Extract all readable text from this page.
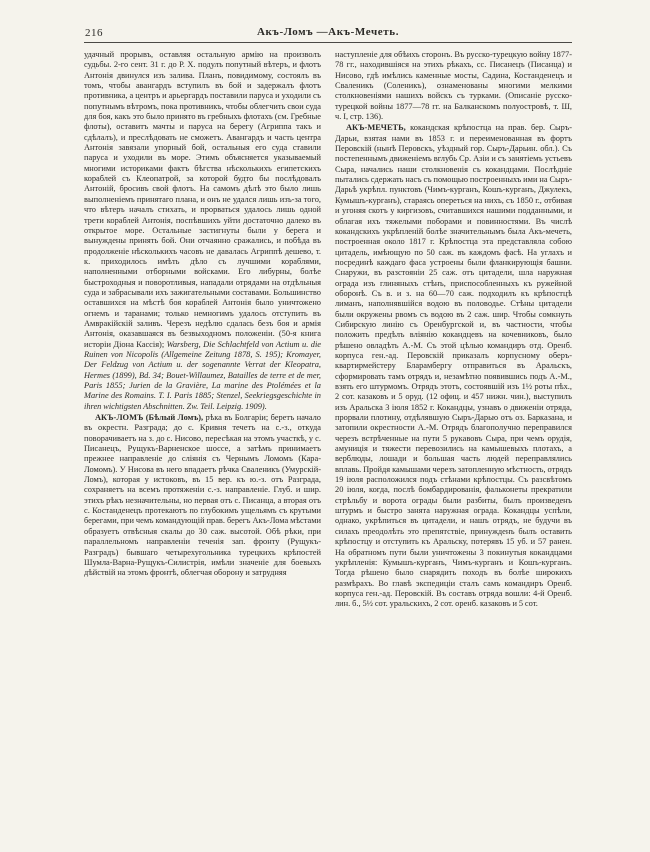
216	Акъ-Ломъ —Акъ-Мечеть.

удачный прорывъ, оставляя остальную армію на произволъ судьбы. 2-го сент. 31 г. до Р. X. подулъ попутный вѣтеръ, и флотъ Антонія двинулся изъ залива. Планъ, повидимому, состоялъ въ томъ, чтобы авангардъ вступилъ въ бой и задержалъ флотъ противника, а центръ и арьергардъ поставили паруса и уходили съ попутнымъ вѣтромъ, пока противникъ, чтобы облегчить свои суда для боя, какъ это было принято въ гребныхъ флотахъ (см. Гребные флоты), оставитъ мачты и паруса на берегу (Агриппа такъ и сдѣлалъ), и преслѣдовать не сможетъ. Авангардъ и часть центра Антонія завязали упорный бой, остальныя его суда ставили паруса и уходили въ море. Этимъ объясняется указываемый многими историками фактъ бѣгства нѣсколькихъ египетскихъ кораблей съ Клеопатрой, за которой будто бы послѣдовалъ Антоній, бросивъ свой флотъ. На самомъ дѣлѣ это было лишь выполненіемъ принятаго плана, и онъ не удался лишь изъ-за того, что вѣтеръ началъ стихать, и прорваться удалось лишь одной трети кораблей Антонія, поспѣвшихъ уйти достаточно далеко въ открытое море. Остальные застигнуты были у берега и вынуждены принять бой. Они отчаянно сражались, и побѣда въ продолженіе нѣсколькихъ часовъ не давалась Агриппѣ дешево, т. к. приходилось имѣть дѣло съ лучшими кораблями, наполненными отборными войсками. Его либурны, болѣе быстроходныя и поворотливыя, нападали отрядами на отдѣльныя суда и забрасывали ихъ зажигательными составами. Большинство оставшихся на мѣстѣ боя кораблей Антонія было уничтожено огнемъ и таранами; только немногимъ удалось отступить въ Амвракійскій заливъ. Черезъ недѣлю сдалась безъ боя и армія Антонія, оказавшаяся въ безвыходномъ положеніи. (50-я книга исторіи Діона Кассія); Warsberg, Die Schlachtfeld von Actium u. die Ruinen von Nicopolis (Allgemeine Zeitung 1878, S. 195); Kromayer, Der Feldzug von Actium u. der sogenannte Verrat der Kleopatra, Hermes (1899), Bd. 34; Bouet-Willaumez, Batailles de terre et de mer, Paris 1855; Jurien de la Gravière, La marine des Ptolémées et la Marine des Romains. T. I. Paris 1885; Stenzel, Seekriegsgeschichte in ihren wichtigsten Abschnitten. Zw. Teil. Leipzig. 1909).

АКЪ-ЛОМЪ (Бѣлый Ломъ), рѣка въ Болгаріи; беретъ начало въ окрестн. Разграда; до с. Кривня течетъ на с.-з., откуда поворачиваетъ на з. до с. Нисово, пересѣкая на этомъ участкѣ, у с. Писанецъ, Рущукъ-Варненское шоссе, а затѣмъ принимаетъ прежнее направленіе до сліянія съ Чернымъ Ломомъ (Кара-Ломомъ). У Нисова въ него впадаетъ рѣчка Сваленикъ (Умурскій-Ломъ), которая у истоковъ, въ 15 вер. къ ю.-з. отъ Разграда, сохраняетъ на всемъ протяженіи с.-з. направленіе. Глуб. и шир. этихъ рѣкъ незначительны, но первая отъ с. Писанца, а вторая отъ с. Костанденецъ протекаютъ по глубокимъ ущельямъ съ крутыми берегами, при чемъ командующій прав. берегъ Акъ-Лома мѣстами образуетъ отвѣсныя скалы до 30 саж. высотой. Обѣ рѣки, при параллельномъ направленіи теченія зап. фронту (Рущукъ-Разградъ) бывшаго четырехугольника турецкихъ крѣпостей Шумла-Варна-Рущукъ-Силистрія, имѣли значеніе для боевыхъ дѣйствій на этомъ фронтѣ, облегчая оборону и затрудняя

наступленіе для обѣихъ сторонъ. Въ русско-турецкую войну 1877-78 гг., находившіяся на этихъ рѣкахъ, сс. Писанецъ (Писанца) и Нисово, гдѣ имѣлись каменные мосты, Садина, Костанденецъ и Сваленикъ (Соленикъ), ознаменованы многими мелкими столкновеніями нашихъ войскъ съ турками. (Описаніе русско-турецкой войны 1877—78 гг. на Балканскомъ полуостровѣ, т. Ш, ч. I, стр. 136).

АКЪ-МЕЧЕТЬ, кокандская крѣпостца на прав. бер. Сыръ-Дарьи, взятая нами въ 1853 г. и переименованная въ фортъ Перовскій (нынѣ Перовскъ, уѣздный гор. Сыръ-Дарьин. обл.). Съ постепеннымъ движеніемъ вглубь Ср. Азіи и съ занятіемъ устьевъ Сыра, начались наши столкновенія съ кокандцами. Послѣдніе пытались сдержать насъ съ помощью построенныхъ ими на Сыръ-Дарьѣ укрѣпл. пунктовъ (Чимъ-курганъ, Кошъ-курганъ, Джулекъ, Кумышъ-курганъ), стараясь опереться на нихъ, съ 1850 г., отбивая и угоняя скотъ у киргизовъ, считавшихся нашими подданными, и облагая ихъ тяжелыми поборами и повинностями. Въ числѣ кокандскихъ укрѣпленій болѣе значительнымъ была Акъ-мечеть, построенная около 1817 г. Крѣпостца эта представляла собою цитадель, имѣющую по 50 саж. въ каждомъ фасѣ. На углахъ и посрединѣ каждаго фаса устроены были фланкирующія башни. Снаружи, въ разстояніи 25 саж. отъ цитадели, шла наружная ограда изъ глиняныхъ стѣнъ, приспособленныхъ къ ружейной оборонѣ. Съ в. и з. на 60—70 саж. подходилъ къ крѣпостцѣ лиманъ, наполнявшійся водою въ половодье. Стѣны цитадели были окружены рвомъ съ водою въ 2 саж. шир. Чтобы сомкнуть Сибирскую линію съ Оренбургской и, въ частности, чтобы положить предѣлъ вліянію кокандцевъ на кочевниковъ, было рѣшено овладѣть А.-М. Съ этой цѣлью командиръ отд. Оренб. корпуса ген.-ад. Перовскій приказалъ корпусному оберъ-квартирмейстеру Бларамбергу отправиться въ Аральскъ, сформировать тамъ отрядъ и, незамѣтно появившись подъ А.-М., взять его штурмомъ. Отрядъ этотъ, состоявшій изъ 1½ роты пѣх., 2 сот. казаковъ и 5 оруд. (12 офиц. и 457 нижн. чин.), выступилъ изъ Аральска 3 іюля 1852 г. Кокандцы, узнавъ о движеніи отряда, прорвали плотину, отдѣлявшую Сыръ-Дарью отъ оз. Барказана, и затопили окрестности А.-М. Отрядъ благополучно переправился черезъ встрѣченные на пути 5 рукавовъ Сыра, при чемъ орудія, амуниція и тяжести перевозились на камышевыхъ плотахъ, а верблюды, лошади и большая часть людей переправлялись вплавь. Пройдя камышами черезъ затопленную мѣстность, отрядъ 19 іюля расположился подъ стѣнами крѣпостцы. Съ разсвѣтомъ 20 іюля, когда, послѣ бомбардированія, фальконеты прекратили стрѣльбу и ворота ограды были разбиты, былъ произведенъ штурмъ и быстро занята наружная ограда. Кокандцы успѣли, однако, укрѣпиться въ цитадели, и нашъ отрядъ, не будучи въ силахъ преодолѣть это препятствіе, принужденъ былъ оставить крѣпостцу и отступить къ Аральску, потерявъ 15 уб. и 57 ранен. На обратномъ пути были уничтожены 3 покинутыя кокандцами укрѣпленія: Кумышъ-курганъ, Чимъ-курганъ и Кошъ-курганъ. Тогда рѣшено было снарядить походъ въ болѣе широкихъ размѣрахъ. Во главѣ экспедиціи сталъ самъ командиръ Оренб. корпуса ген.-ад. Перовскій. Въ составъ отряда вошли: 4-й Оренб. лин. б., 5½ сот. уральскихъ, 2 сот. оренб. казаковъ и 5 сот.
